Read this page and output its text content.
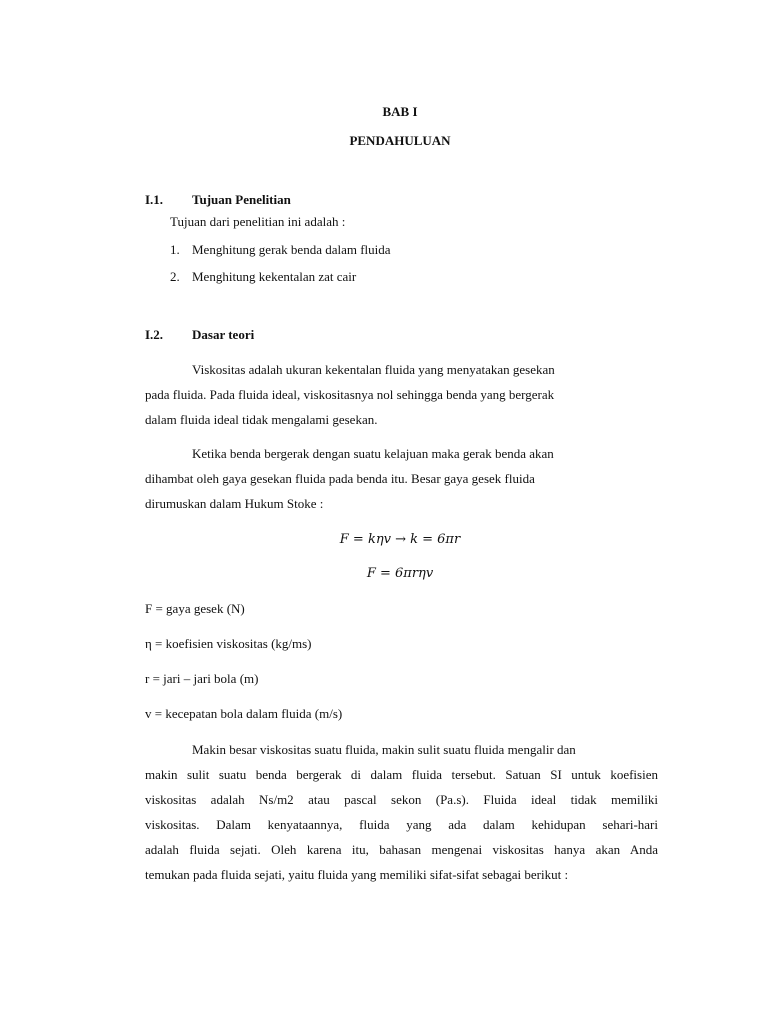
BAB I
PENDAHULUAN
I.1. Tujuan Penelitian
Tujuan dari penelitian ini adalah :
1. Menghitung gerak benda dalam fluida
2. Menghitung kekentalan zat cair
I.2. Dasar teori
Viskositas adalah ukuran kekentalan fluida yang menyatakan gesekan
pada fluida. Pada fluida ideal, viskositasnya nol sehingga benda yang bergerak
dalam fluida ideal tidak mengalami gesekan.
Ketika benda bergerak dengan suatu kelajuan maka gerak benda akan
dihambat oleh gaya gesekan fluida pada benda itu. Besar gaya gesek fluida
dirumuskan dalam Hukum Stoke :
F = kηv → k = 6πr
F = 6πrηv
F = gaya gesek (N)
η = koefisien viskositas (kg/ms)
r = jari – jari bola (m)
v = kecepatan bola dalam fluida (m/s)
Makin besar viskositas suatu fluida, makin sulit suatu fluida mengalir dan
makin sulit suatu benda bergerak di dalam fluida tersebut. Satuan SI untuk koefisien
viskositas adalah Ns/m2 atau pascal sekon (Pa.s). Fluida ideal tidak memiliki
viskositas. Dalam kenyataannya, fluida yang ada dalam kehidupan sehari-hari
adalah fluida sejati. Oleh karena itu, bahasan mengenai viskositas hanya akan Anda
temukan pada fluida sejati, yaitu fluida yang memiliki sifat-sifat sebagai berikut :
